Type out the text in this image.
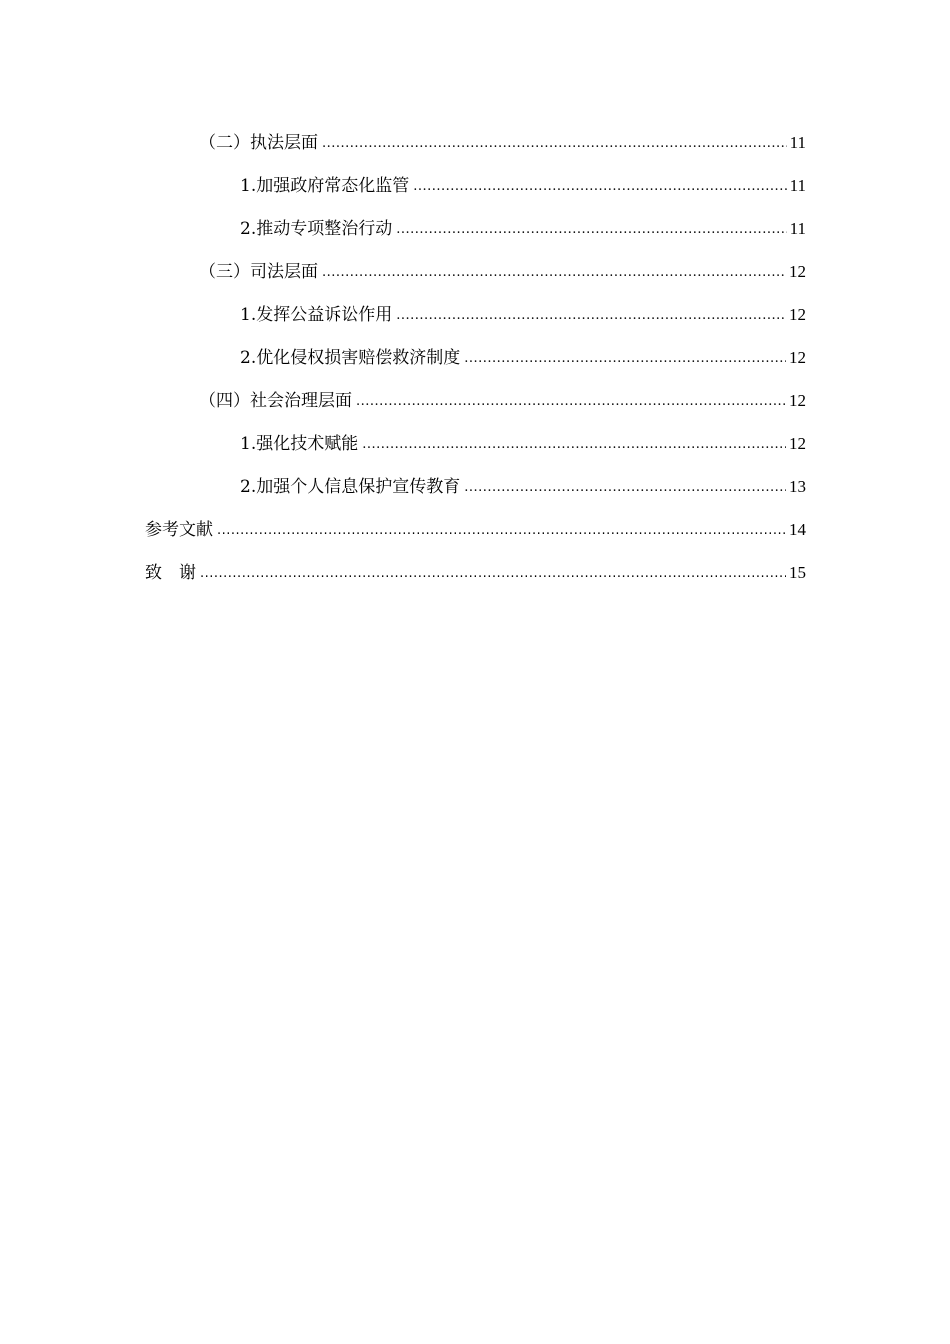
（二） 执法层面 .....	11
1. 加强政府常态化监管 .....	11
2. 推动专项整治行动 .....	11
（三） 司法层面 .....	12
1. 发挥公益诉讼作用 .....	12
2. 优化侵权损害赔偿救济制度 .....	12
（四） 社会治理层面 .....	12
1. 强化技术赋能 .....	12
2. 加强个人信息保护宣传教育 .....	13
参考文献 .....	14
致　谢 .....	15
